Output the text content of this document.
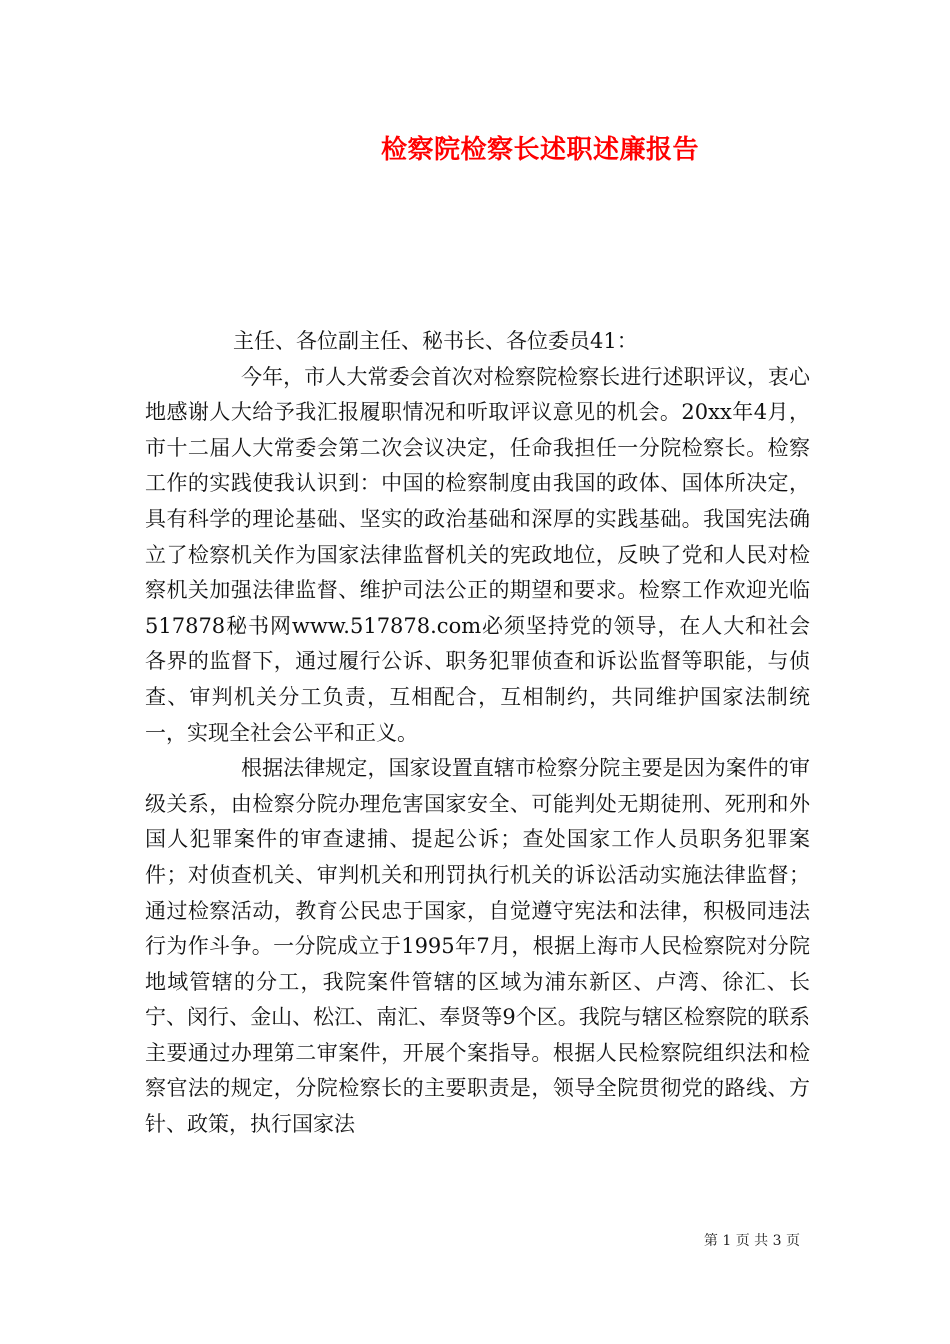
检察院检察长述职述廉报告

主任、各位副主任、秘书长、各位委员41：

今年，市人大常委会首次对检察院检察长进行述职评议，衷心地感谢人大给予我汇报履职情况和听取评议意见的机会。20xx年4月，市十二届人大常委会第二次会议决定，任命我担任一分院检察长。检察工作的实践使我认识到：中国的检察制度由我国的政体、国体所决定，具有科学的理论基础、坚实的政治基础和深厚的实践基础。我国宪法确立了检察机关作为国家法律监督机关的宪政地位，反映了党和人民对检察机关加强法律监督、维护司法公正的期望和要求。检察工作欢迎光临517878秘书网www.517878.com必须坚持党的领导，在人大和社会各界的监督下，通过履行公诉、职务犯罪侦查和诉讼监督等职能，与侦查、审判机关分工负责，互相配合，互相制约，共同维护国家法制统一，实现全社会公平和正义。

根据法律规定，国家设置直辖市检察分院主要是因为案件的审级关系，由检察分院办理危害国家安全、可能判处无期徒刑、死刑和外国人犯罪案件的审查逮捕、提起公诉；查处国家工作人员职务犯罪案件；对侦查机关、审判机关和刑罚执行机关的诉讼活动实施法律监督；通过检察活动，教育公民忠于国家，自觉遵守宪法和法律，积极同违法行为作斗争。一分院成立于1995年7月，根据上海市人民检察院对分院地域管辖的分工，我院案件管辖的区域为浦东新区、卢湾、徐汇、长宁、闵行、金山、松江、南汇、奉贤等9个区。我院与辖区检察院的联系主要通过办理第二审案件，开展个案指导。根据人民检察院组织法和检察官法的规定，分院检察长的主要职责是，领导全院贯彻党的路线、方针、政策，执行国家法

第 1 页 共 3 页
